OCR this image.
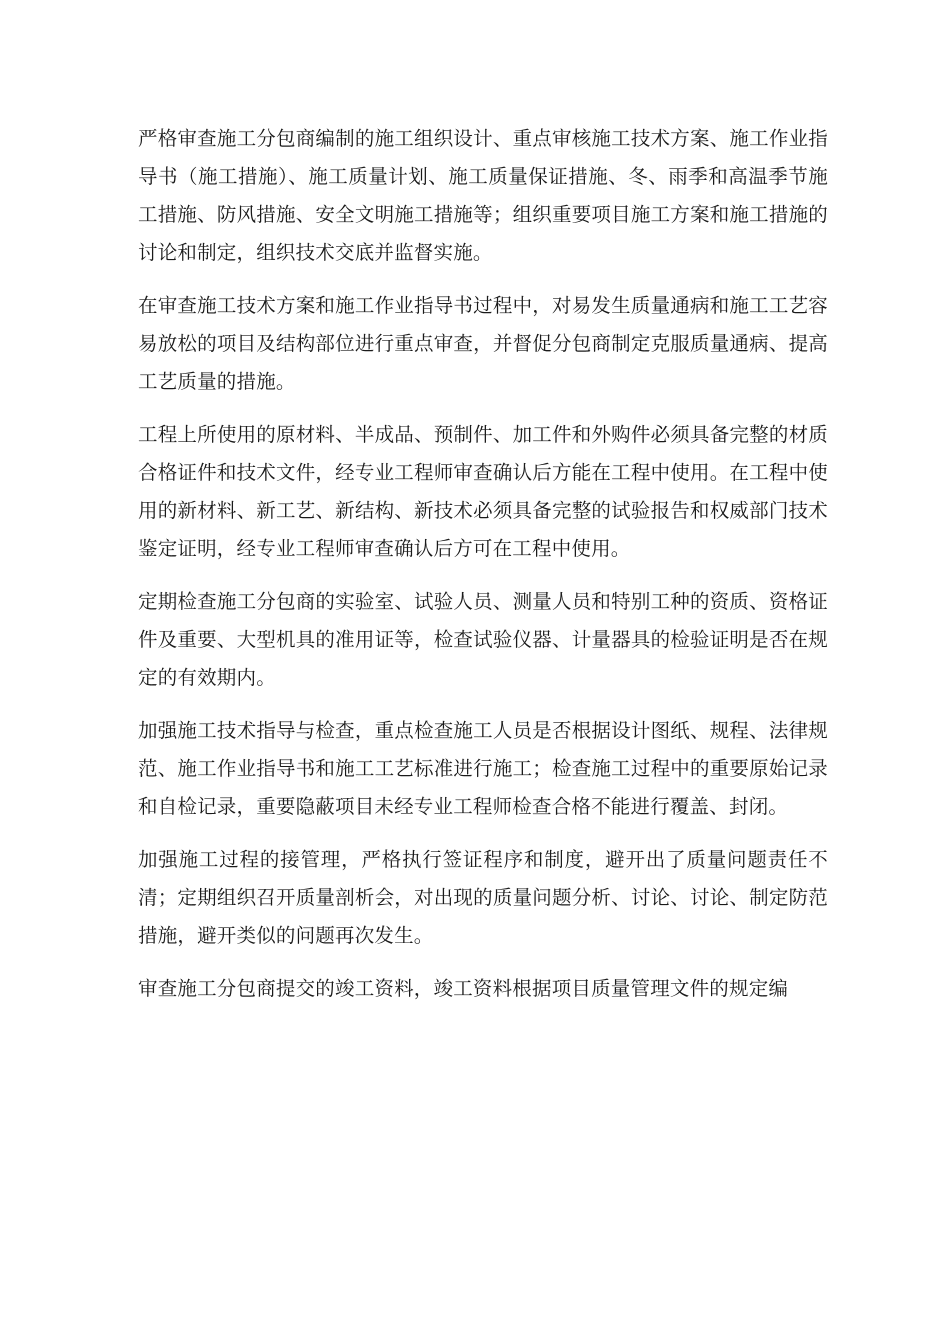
严格审查施工分包商编制的施工组织设计、重点审核施工技术方案、施工作业指导书（施工措施）、施工质量计划、施工质量保证措施、冬、雨季和高温季节施工措施、防风措施、安全文明施工措施等；组织重要项目施工方案和施工措施的讨论和制定，组织技术交底并监督实施。

在审查施工技术方案和施工作业指导书过程中，对易发生质量通病和施工工艺容易放松的项目及结构部位进行重点审查，并督促分包商制定克服质量通病、提高工艺质量的措施。

工程上所使用的原材料、半成品、预制件、加工件和外购件必须具备完整的材质合格证件和技术文件，经专业工程师审查确认后方能在工程中使用。在工程中使用的新材料、新工艺、新结构、新技术必须具备完整的试验报告和权威部门技术鉴定证明，经专业工程师审查确认后方可在工程中使用。

定期检查施工分包商的实验室、试验人员、测量人员和特别工种的资质、资格证件及重要、大型机具的准用证等，检查试验仪器、计量器具的检验证明是否在规定的有效期内。

加强施工技术指导与检查，重点检查施工人员是否根据设计图纸、规程、法律规范、施工作业指导书和施工工艺标准进行施工；检查施工过程中的重要原始记录和自检记录，重要隐蔽项目未经专业工程师检查合格不能进行覆盖、封闭。

加强施工过程的接管理，严格执行签证程序和制度，避开出了质量问题责任不清；定期组织召开质量剖析会，对出现的质量问题分析、讨论、讨论、制定防范措施，避开类似的问题再次发生。

审查施工分包商提交的竣工资料，竣工资料根据项目质量管理文件的规定编
